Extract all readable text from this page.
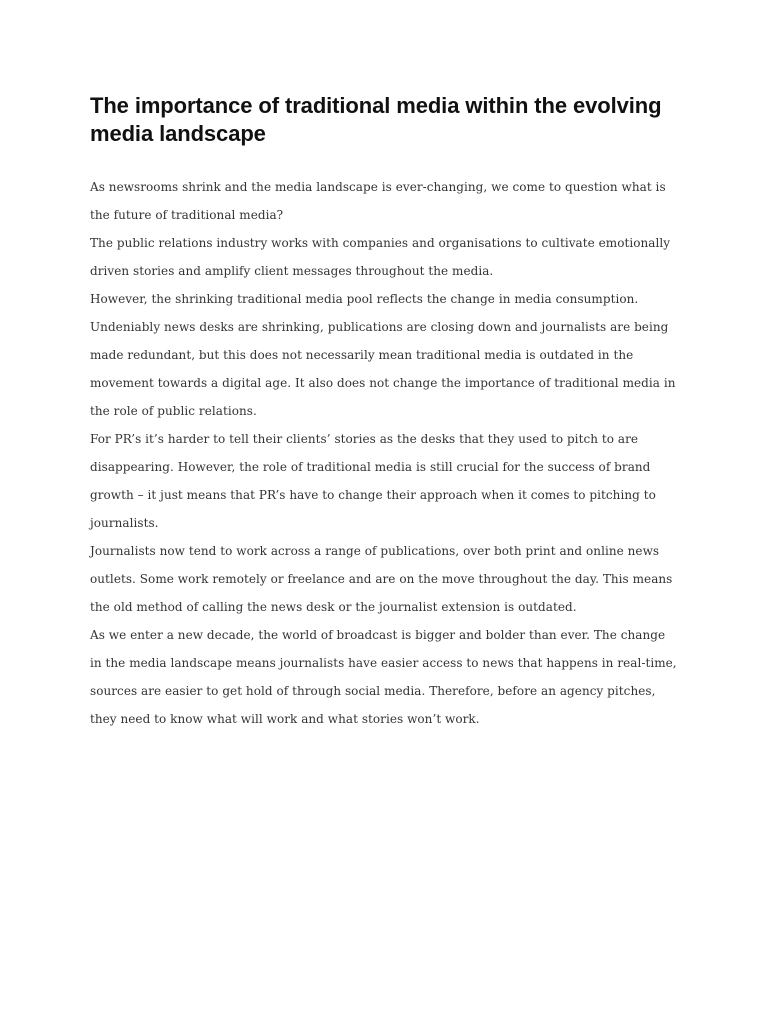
The importance of traditional media within the evolving media landscape

As newsrooms shrink and the media landscape is ever-changing, we come to question what is the future of traditional media?

The public relations industry works with companies and organisations to cultivate emotionally driven stories and amplify client messages throughout the media.

However, the shrinking traditional media pool reflects the change in media consumption.

Undeniably news desks are shrinking, publications are closing down and journalists are being made redundant, but this does not necessarily mean traditional media is outdated in the movement towards a digital age. It also does not change the importance of traditional media in the role of public relations.

For PR’s it’s harder to tell their clients’ stories as the desks that they used to pitch to are disappearing. However, the role of traditional media is still crucial for the success of brand growth – it just means that PR’s have to change their approach when it comes to pitching to journalists.

Journalists now tend to work across a range of publications, over both print and online news outlets. Some work remotely or freelance and are on the move throughout the day. This means the old method of calling the news desk or the journalist extension is outdated.

As we enter a new decade, the world of broadcast is bigger and bolder than ever. The change in the media landscape means journalists have easier access to news that happens in real-time, sources are easier to get hold of through social media. Therefore, before an agency pitches, they need to know what will work and what stories won’t work.
